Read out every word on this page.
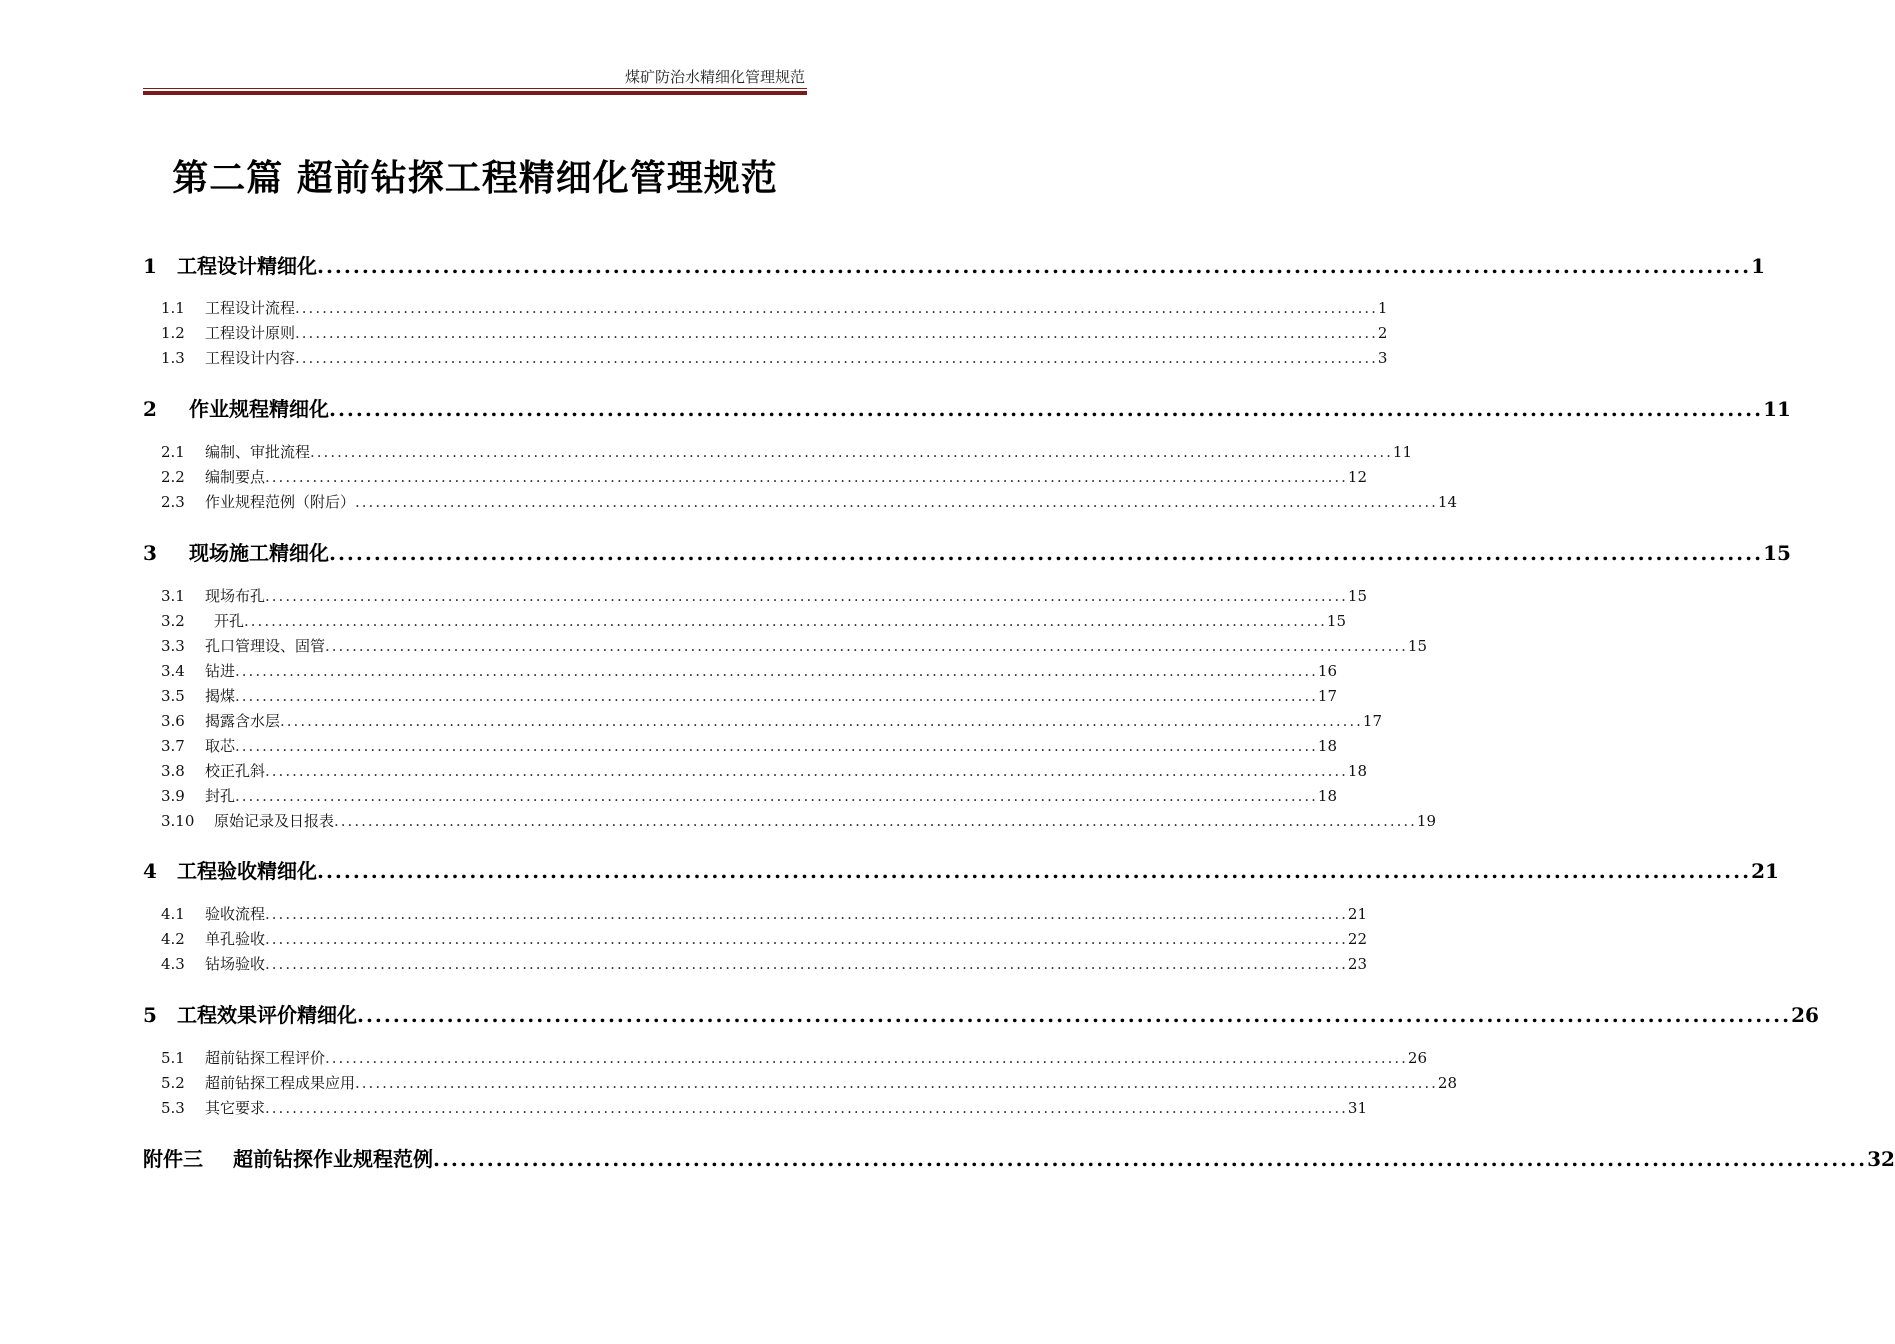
煤矿防治水精细化管理规范
第二篇 超前钻探工程精细化管理规范
1	工程设计精细化 ................................................................................................................................................................ 1
1.1	工程设计流程 ................................................................................................................................................................ 1
1.2	工程设计原则 ................................................................................................................................................................ 2
1.3	工程设计内容 ................................................................................................................................................................ 3
2	作业规程精细化 ................................................................................................................................................................ 11
2.1	编制、审批流程 ................................................................................................................................................................ 11
2.2	编制要点 ................................................................................................................................................................ 12
2.3	作业规程范例（附后） ................................................................................................................................................................ 14
3	现场施工精细化 ................................................................................................................................................................ 15
3.1	现场布孔 ................................................................................................................................................................ 15
3.2	开孔 ................................................................................................................................................................ 15
3.3	孔口管理设、固管 ................................................................................................................................................................ 15
3.4	钻进 ................................................................................................................................................................ 16
3.5	揭煤 ................................................................................................................................................................ 17
3.6	揭露含水层 ................................................................................................................................................................ 17
3.7	取芯 ................................................................................................................................................................ 18
3.8	校正孔斜 ................................................................................................................................................................ 18
3.9	封孔 ................................................................................................................................................................ 18
3.10	原始记录及日报表 ................................................................................................................................................................ 19
4	工程验收精细化 ................................................................................................................................................................ 21
4.1	验收流程 ................................................................................................................................................................ 21
4.2	单孔验收 ................................................................................................................................................................ 22
4.3	钻场验收 ................................................................................................................................................................ 23
5	工程效果评价精细化 ................................................................................................................................................................ 26
5.1	超前钻探工程评价 ................................................................................................................................................................ 26
5.2	超前钻探工程成果应用 ................................................................................................................................................................ 28
5.3	其它要求 ................................................................................................................................................................ 31
附件三	超前钻探作业规程范例 ................................................................................................................................................................ 32
